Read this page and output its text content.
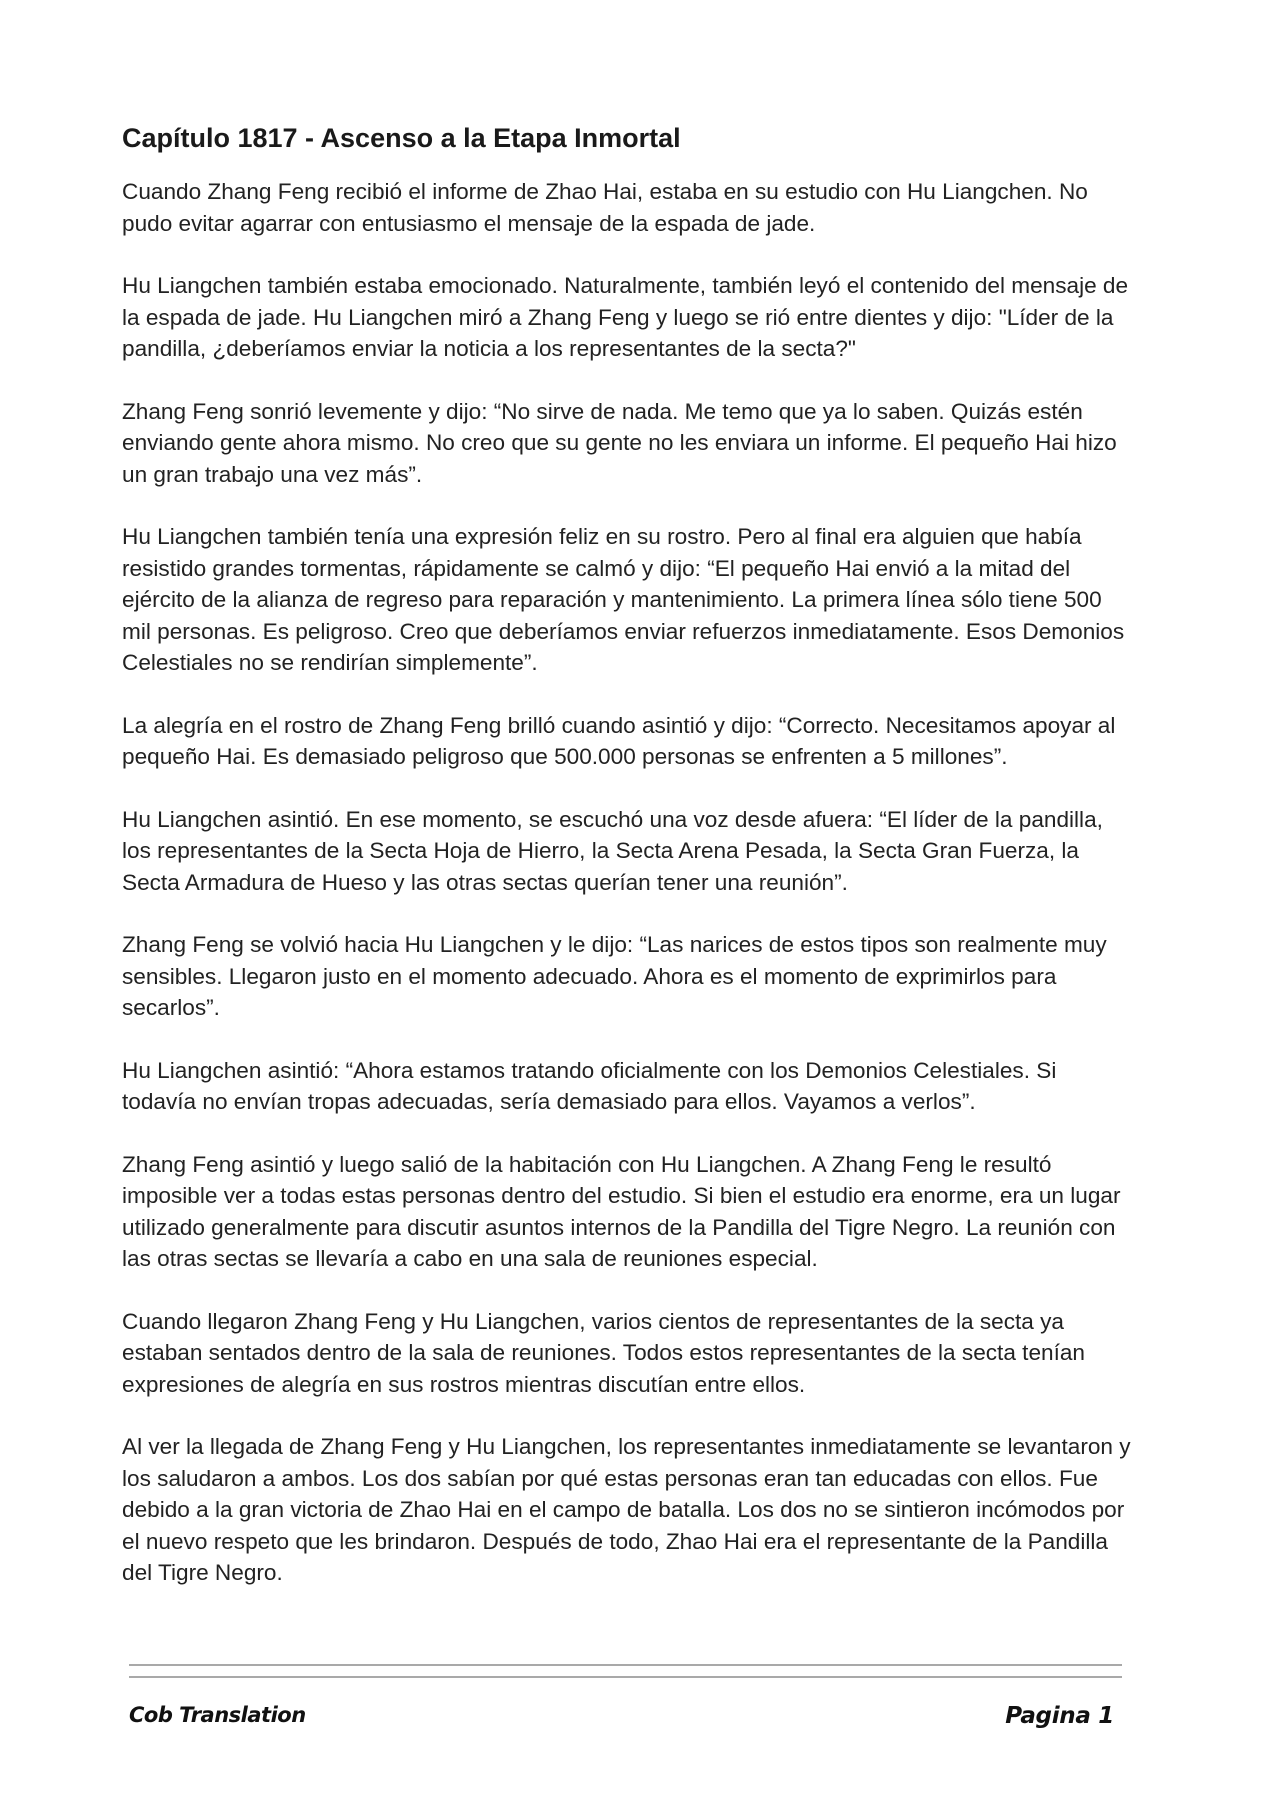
Capítulo 1817 - Ascenso a la Etapa Inmortal

Cuando Zhang Feng recibió el informe de Zhao Hai, estaba en su estudio con Hu Liangchen. No pudo evitar agarrar con entusiasmo el mensaje de la espada de jade.

Hu Liangchen también estaba emocionado. Naturalmente, también leyó el contenido del mensaje de la espada de jade. Hu Liangchen miró a Zhang Feng y luego se rió entre dientes y dijo: "Líder de la pandilla, ¿deberíamos enviar la noticia a los representantes de la secta?"

Zhang Feng sonrió levemente y dijo: “No sirve de nada. Me temo que ya lo saben. Quizás estén enviando gente ahora mismo. No creo que su gente no les enviara un informe. El pequeño Hai hizo un gran trabajo una vez más”.

Hu Liangchen también tenía una expresión feliz en su rostro. Pero al final era alguien que había resistido grandes tormentas, rápidamente se calmó y dijo: “El pequeño Hai envió a la mitad del ejército de la alianza de regreso para reparación y mantenimiento. La primera línea sólo tiene 500 mil personas. Es peligroso. Creo que deberíamos enviar refuerzos inmediatamente. Esos Demonios Celestiales no se rendirían simplemente”.

La alegría en el rostro de Zhang Feng brilló cuando asintió y dijo: “Correcto. Necesitamos apoyar al pequeño Hai. Es demasiado peligroso que 500.000 personas se enfrenten a 5 millones”.

Hu Liangchen asintió. En ese momento, se escuchó una voz desde afuera: “El líder de la pandilla, los representantes de la Secta Hoja de Hierro, la Secta Arena Pesada, la Secta Gran Fuerza, la Secta Armadura de Hueso y las otras sectas querían tener una reunión”.

Zhang Feng se volvió hacia Hu Liangchen y le dijo: “Las narices de estos tipos son realmente muy sensibles. Llegaron justo en el momento adecuado. Ahora es el momento de exprimirlos para secarlos”.

Hu Liangchen asintió: “Ahora estamos tratando oficialmente con los Demonios Celestiales. Si todavía no envían tropas adecuadas, sería demasiado para ellos. Vayamos a verlos”.

Zhang Feng asintió y luego salió de la habitación con Hu Liangchen. A Zhang Feng le resultó imposible ver a todas estas personas dentro del estudio. Si bien el estudio era enorme, era un lugar utilizado generalmente para discutir asuntos internos de la Pandilla del Tigre Negro. La reunión con las otras sectas se llevaría a cabo en una sala de reuniones especial.

Cuando llegaron Zhang Feng y Hu Liangchen, varios cientos de representantes de la secta ya estaban sentados dentro de la sala de reuniones. Todos estos representantes de la secta tenían expresiones de alegría en sus rostros mientras discutían entre ellos.

Al ver la llegada de Zhang Feng y Hu Liangchen, los representantes inmediatamente se levantaron y los saludaron a ambos. Los dos sabían por qué estas personas eran tan educadas con ellos. Fue debido a la gran victoria de Zhao Hai en el campo de batalla. Los dos no se sintieron incómodos por el nuevo respeto que les brindaron. Después de todo, Zhao Hai era el representante de la Pandilla del Tigre Negro.

Cob Translation	Pagina 1
